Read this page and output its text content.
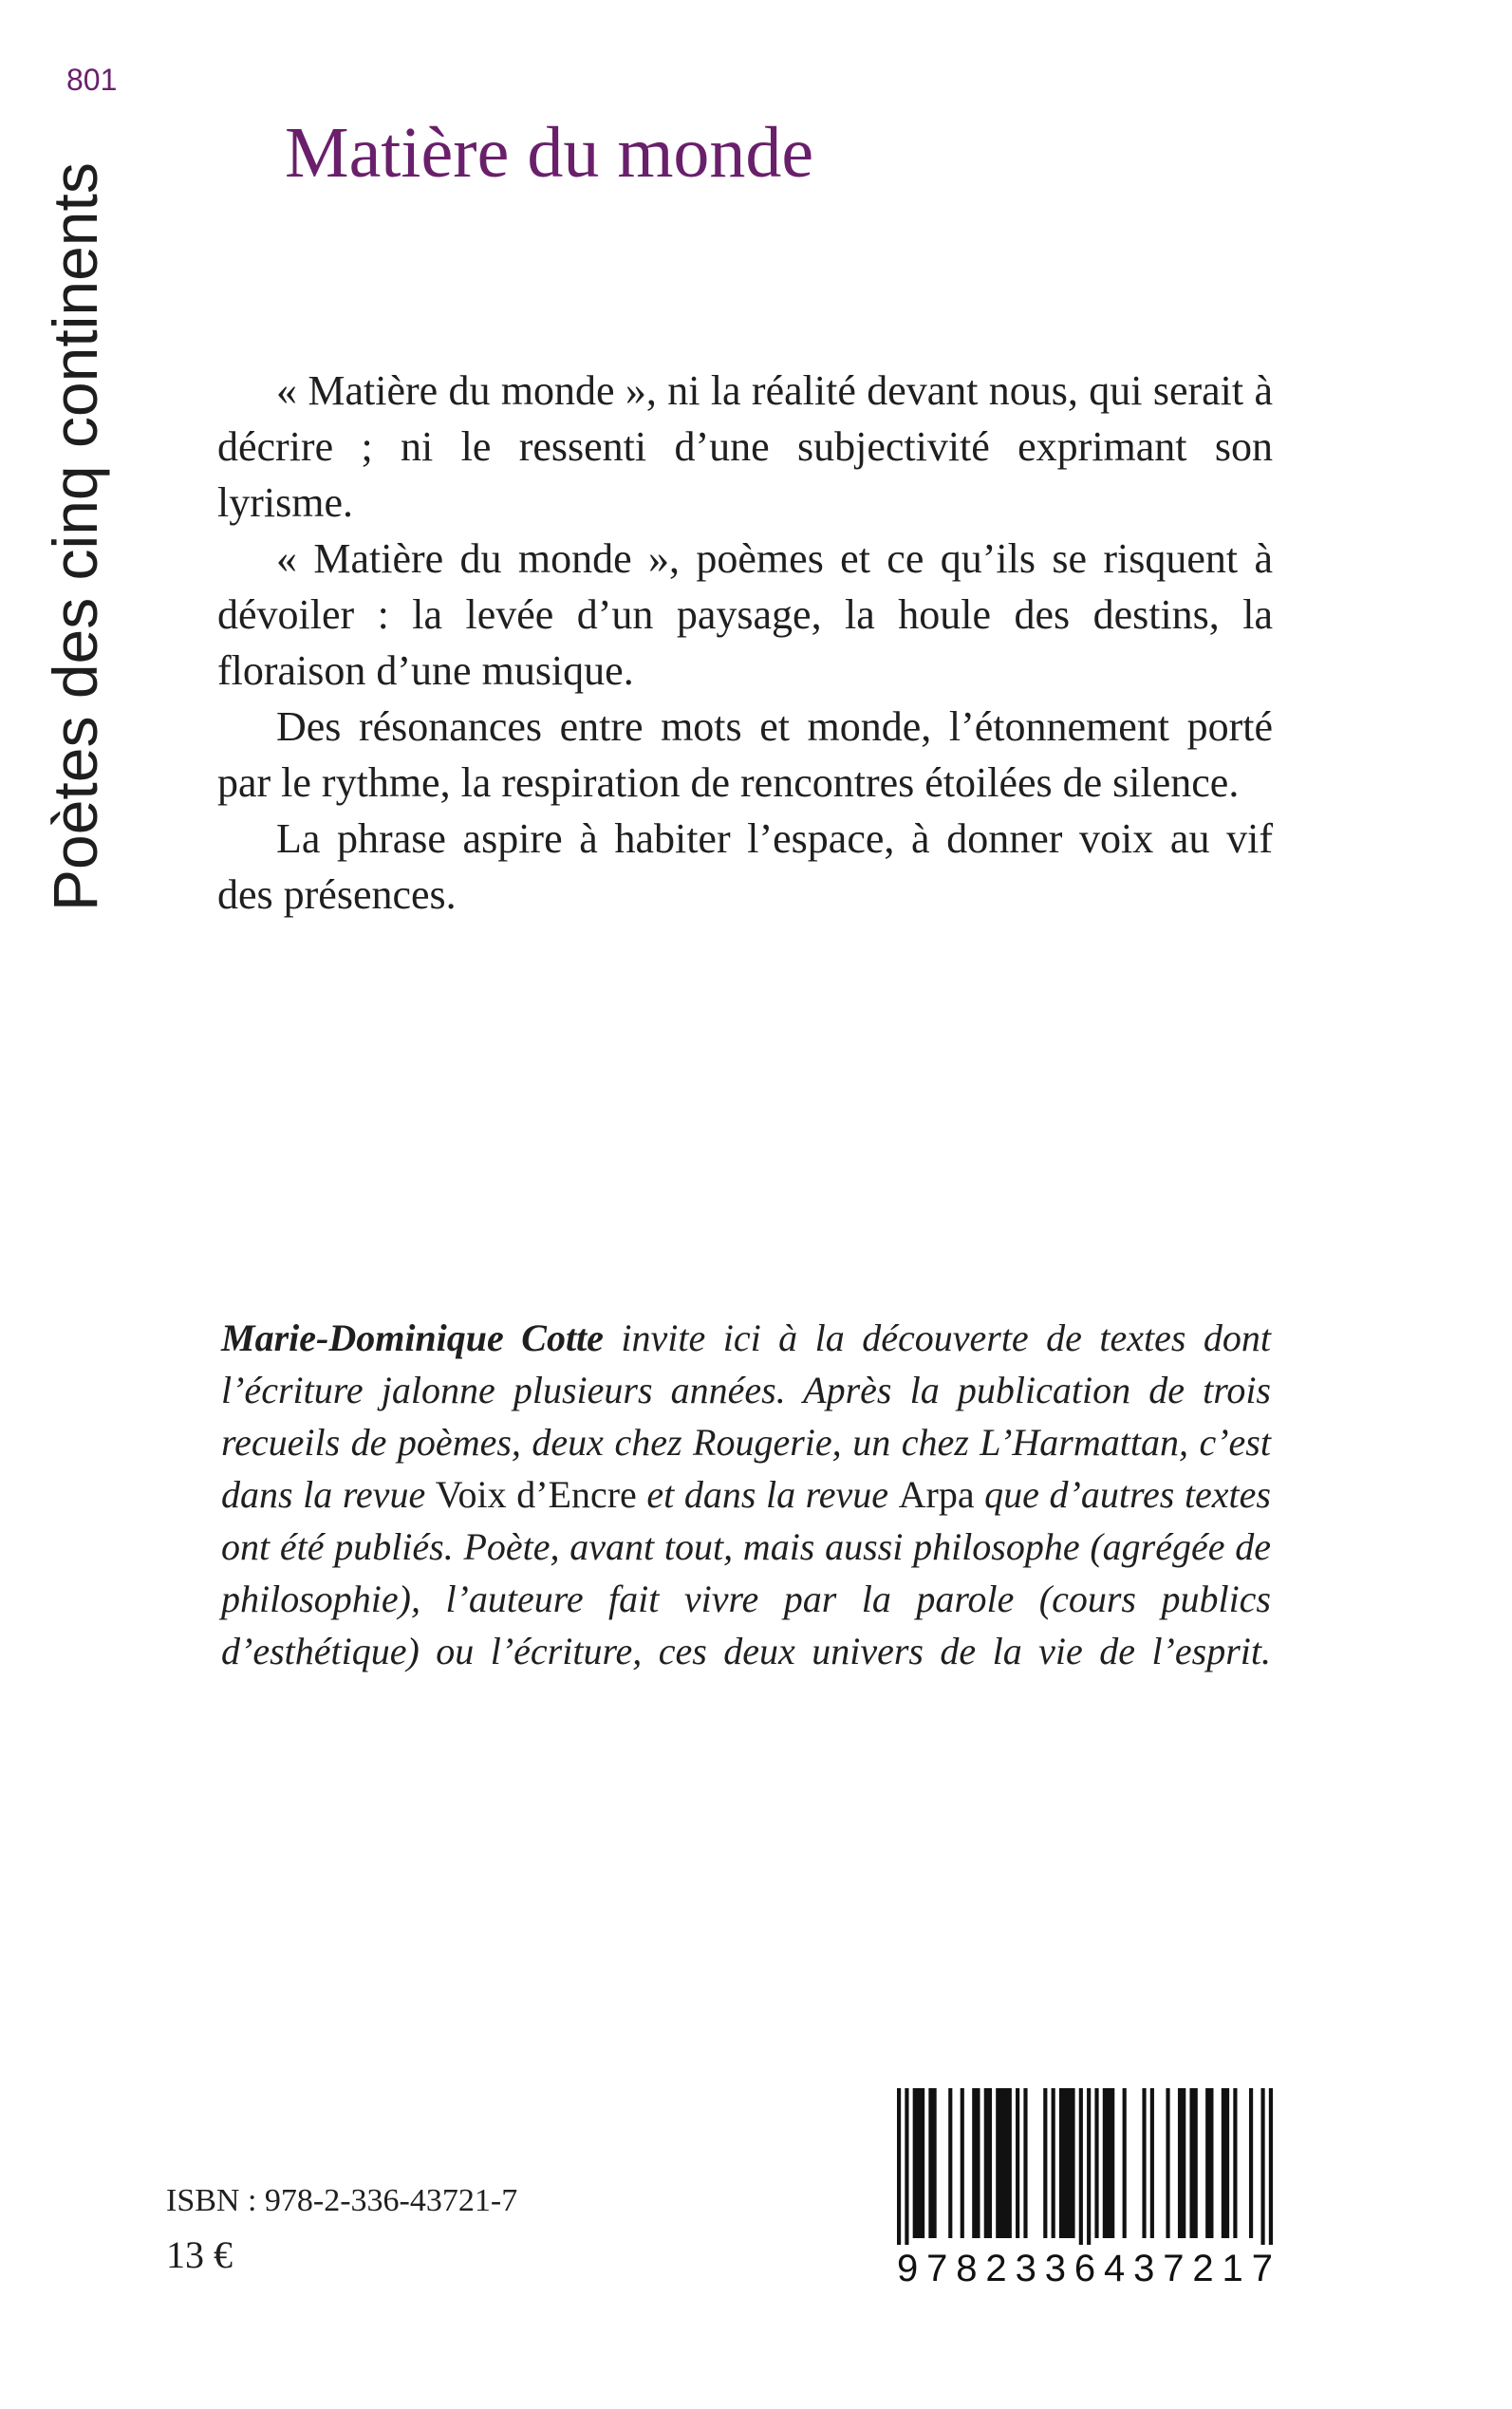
801
Poètes des cinq continents
Matière du monde

« Matière du monde », ni la réalité devant nous, qui serait à décrire ; ni le ressenti d’une subjectivité exprimant son lyrisme.

« Matière du monde », poèmes et ce qu’ils se risquent à dévoiler : la levée d’un paysage, la houle des destins, la floraison d’une musique.

Des résonances entre mots et monde, l’étonnement porté par le rythme, la respiration de rencontres étoilées de silence.

La phrase aspire à habiter l’espace, à donner voix au vif des présences.

Marie-Dominique Cotte invite ici à la découverte de textes dont l’écriture jalonne plusieurs années. Après la publication de trois recueils de poèmes, deux chez Rougerie, un chez L’Harmattan, c’est dans la revue Voix d’Encre et dans la revue Arpa que d’autres textes ont été publiés. Poète, avant tout, mais aussi philosophe (agrégée de philosophie), l’auteure fait vivre par la parole (cours publics d’esthétique) ou l’écriture, ces deux univers de la vie de l’esprit.
ISBN : 978-2-336-43721-7
13 €	9 7 8 2 3 3 6 4 3 7 2 1 7
